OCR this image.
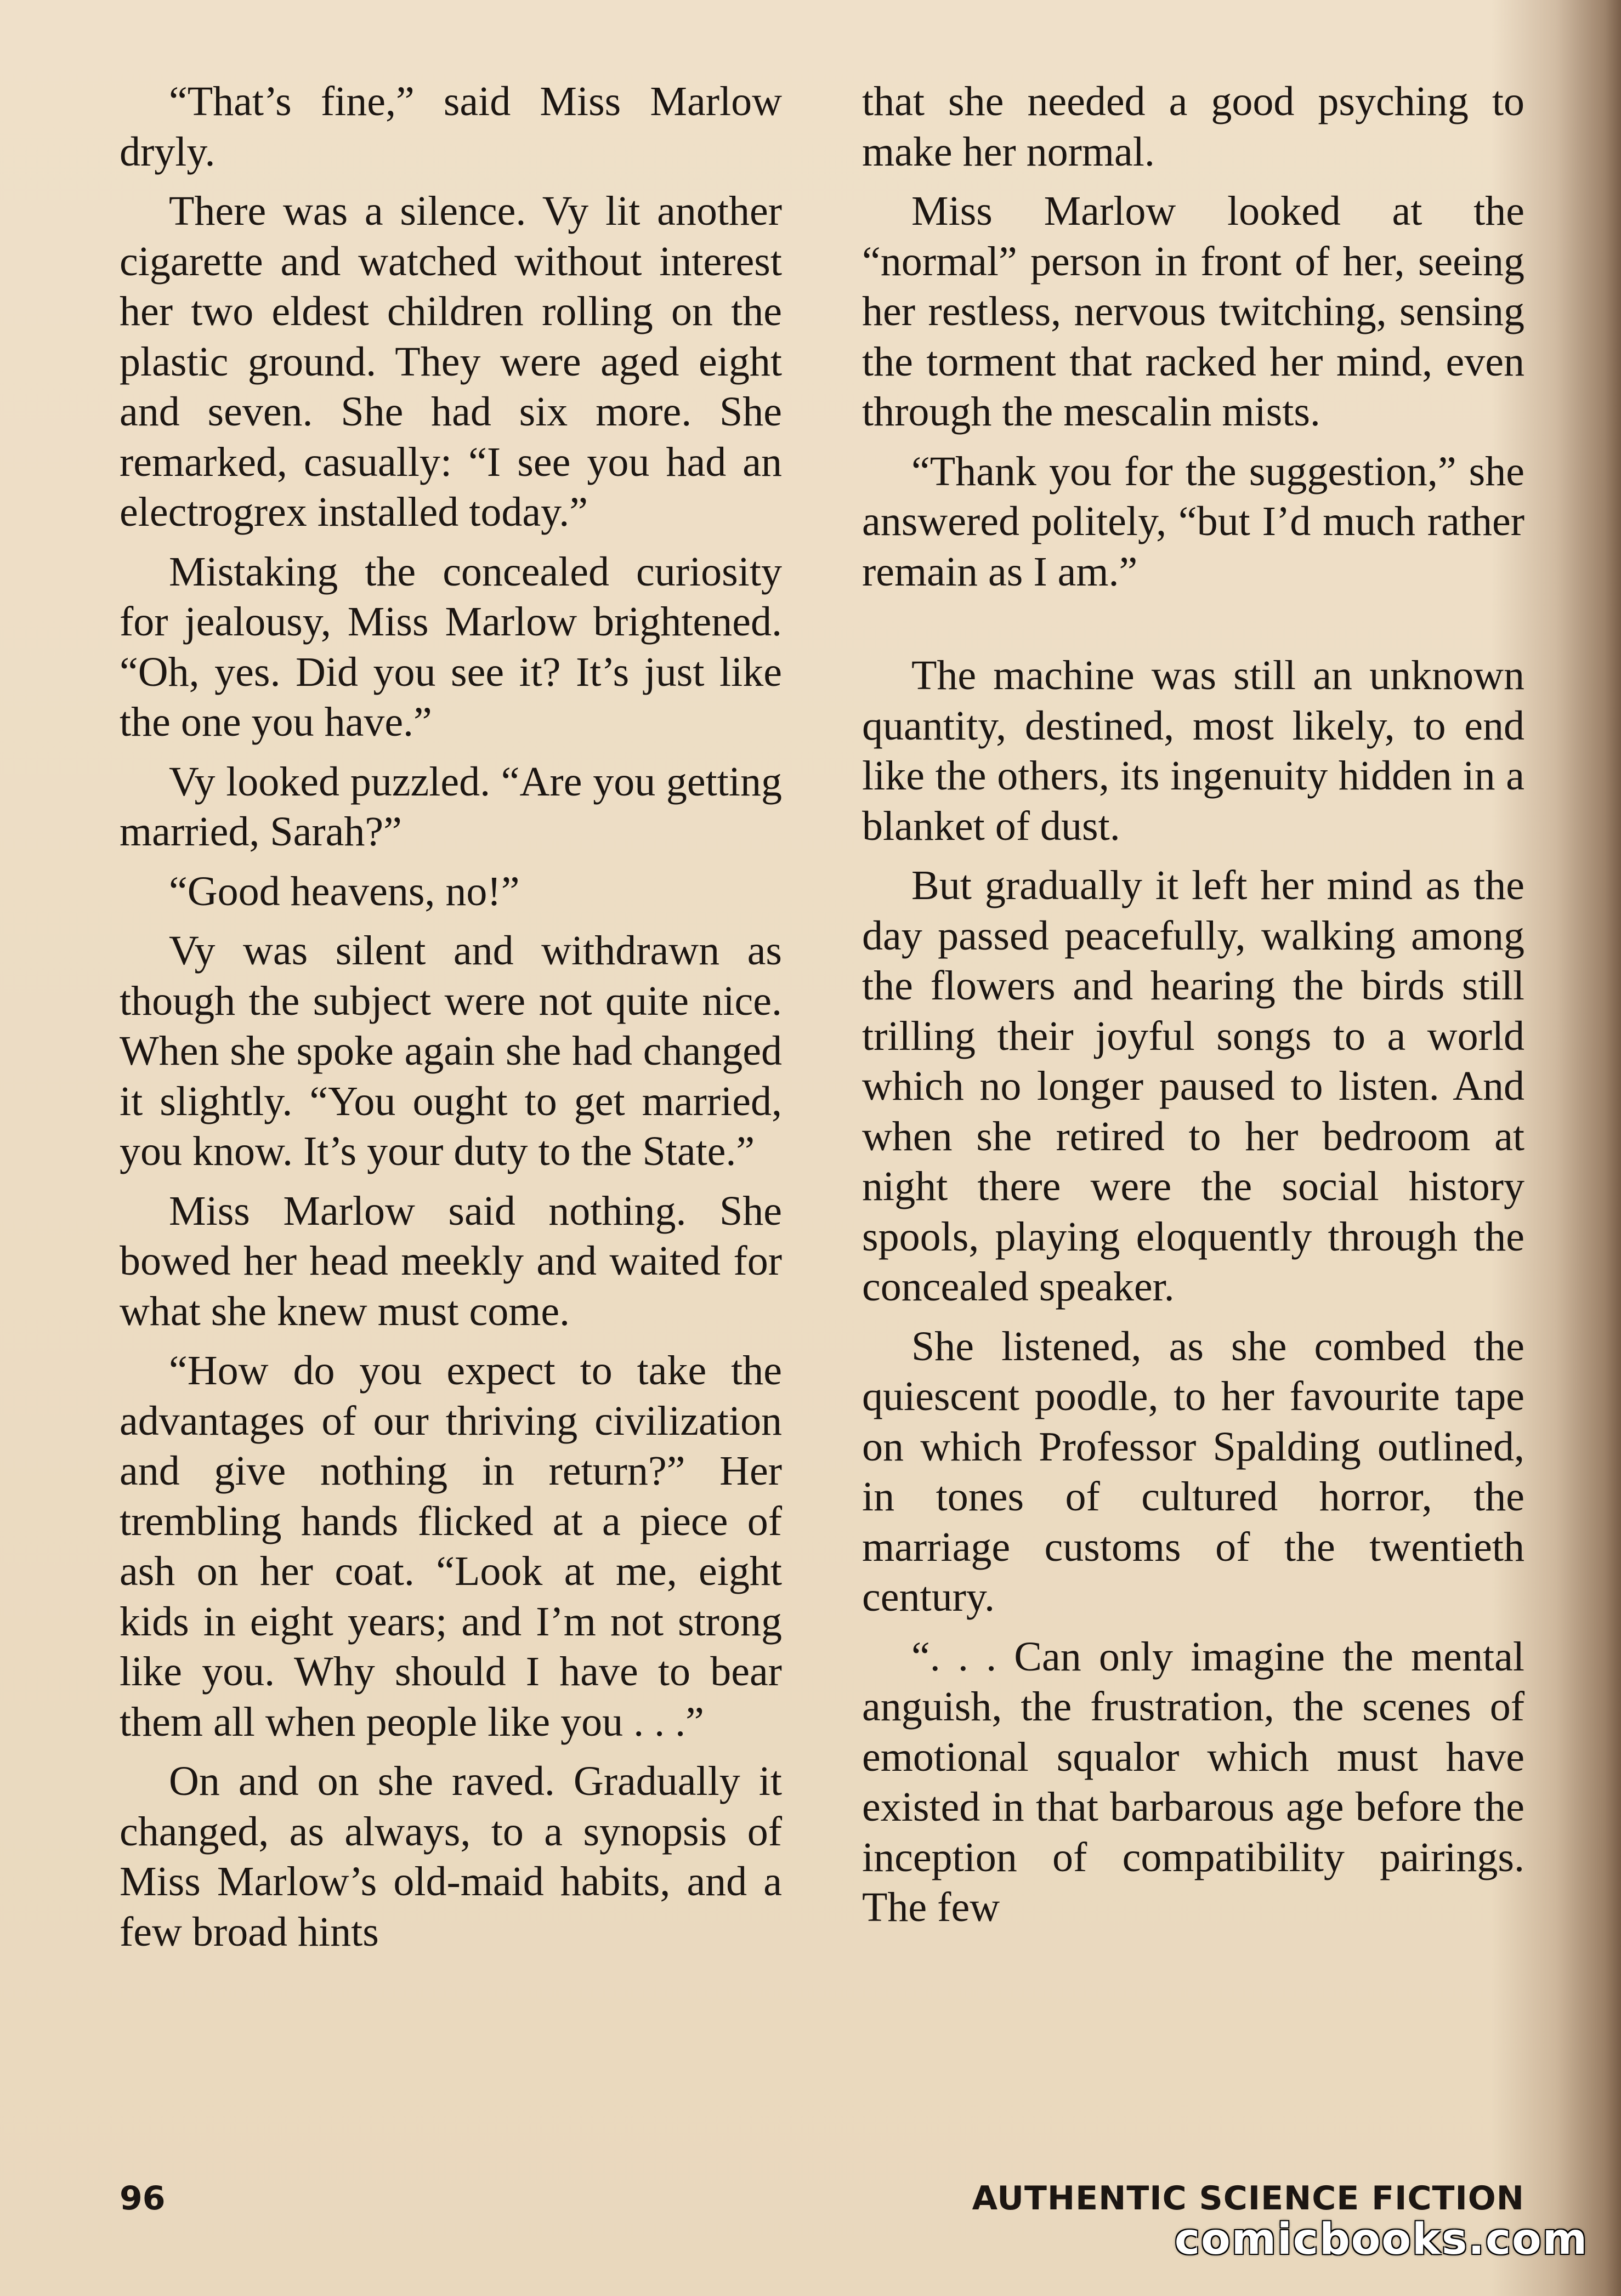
“That’s fine,” said Miss Marlow dryly.

There was a silence. Vy lit another cigarette and watched without interest her two eldest children rolling on the plastic ground. They were aged eight and seven. She had six more. She remarked, casually: “I see you had an electrogrex installed today.”

Mistaking the concealed curiosity for jealousy, Miss Marlow brightened. “Oh, yes. Did you see it? It’s just like the one you have.”

Vy looked puzzled. “Are you getting married, Sarah?”

“Good heavens, no!”

Vy was silent and withdrawn as though the subject were not quite nice. When she spoke again she had changed it slightly. “You ought to get married, you know. It’s your duty to the State.”

Miss Marlow said nothing. She bowed her head meekly and waited for what she knew must come.

“How do you expect to take the advantages of our thriving civilization and give nothing in return?” Her trembling hands flicked at a piece of ash on her coat. “Look at me, eight kids in eight years; and I’m not strong like you. Why should I have to bear them all when people like you . . .”

On and on she raved. Gradually it changed, as always, to a synopsis of Miss Marlow’s old-maid habits, and a few broad hints

that she needed a good psyching to make her normal.

Miss Marlow looked at the “normal” person in front of her, seeing her restless, nervous twitching, sensing the torment that racked her mind, even through the mescalin mists.

“Thank you for the suggestion,” she answered politely, “but I’d much rather remain as I am.”

The machine was still an unknown quantity, destined, most likely, to end like the others, its ingenuity hidden in a blanket of dust.

But gradually it left her mind as the day passed peacefully, walking among the flowers and hearing the birds still trilling their joyful songs to a world which no longer paused to listen. And when she retired to her bedroom at night there were the social history spools, playing eloquently through the concealed speaker.

She listened, as she combed the quiescent poodle, to her favourite tape on which Professor Spalding outlined, in tones of cultured horror, the marriage customs of the twentieth century.

“. . . Can only imagine the mental anguish, the frustration, the scenes of emotional squalor which must have existed in that barbarous age before the inception of compatibility pairings. The few

96	AUTHENTIC SCIENCE FICTION
comicbooks.com
